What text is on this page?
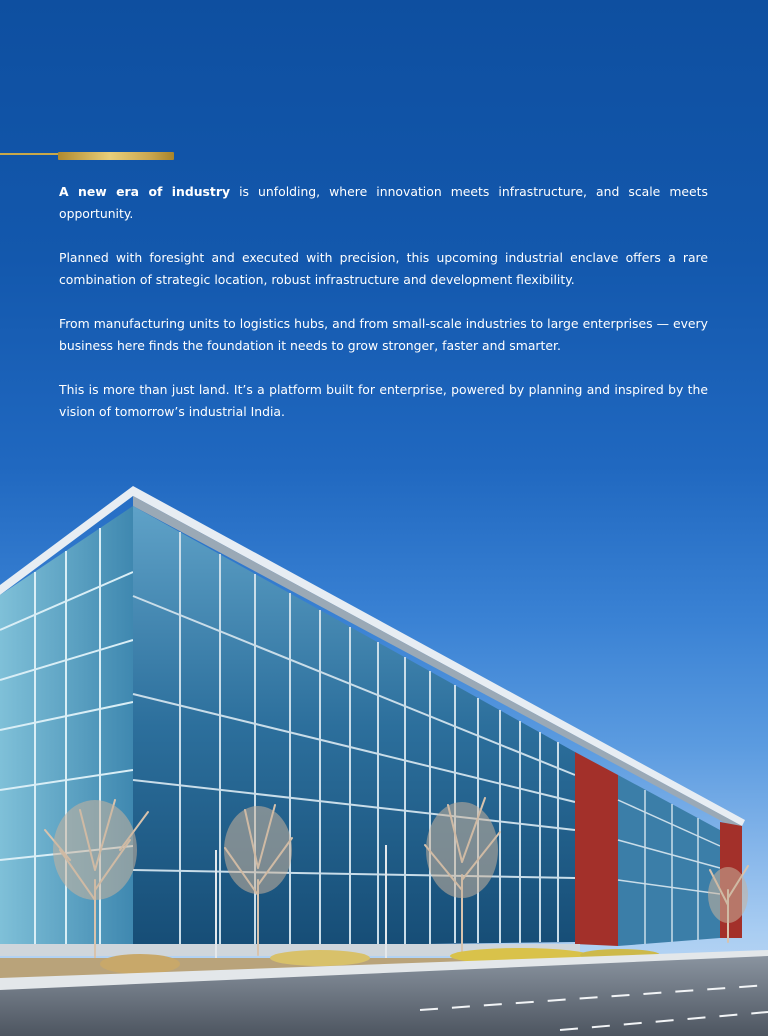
A new era of industry is unfolding, where innovation meets infrastructure, and scale meets opportunity.

Planned with foresight and executed with precision, this upcoming industrial enclave offers a rare combination of strategic location, robust infrastructure and development flexibility.

From manufacturing units to logistics hubs, and from small-scale industries to large enterprises — every business here finds the foundation it needs to grow stronger, faster and smarter.

This is more than just land. It’s a platform built for enterprise, powered by planning and inspired by the vision of tomorrow’s industrial India.
